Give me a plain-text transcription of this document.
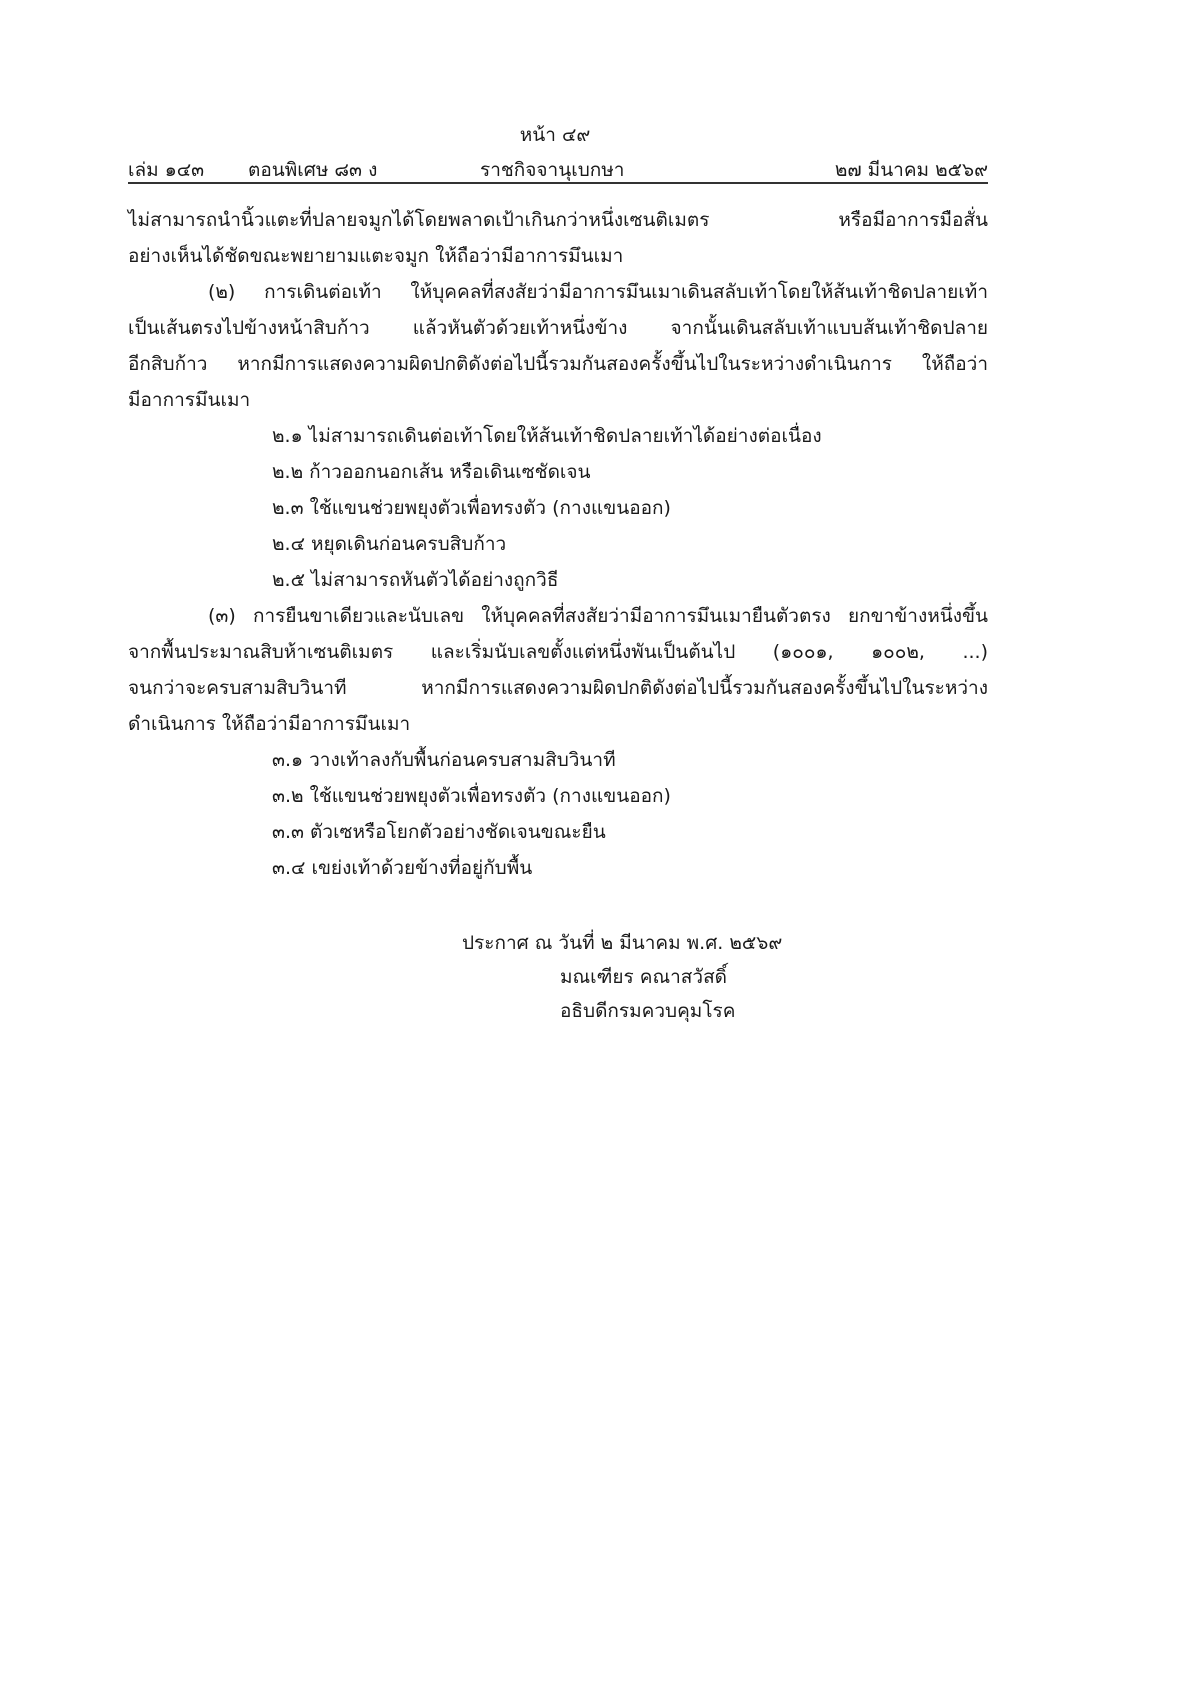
หน้า ๔๙
เล่ม ๑๔๓ ตอนพิเศษ ๘๓ ง	ราชกิจจานุเบกษา	๒๗ มีนาคม ๒๕๖๙
ไม่สามารถนำนิ้วแตะที่ปลายจมูกได้โดยพลาดเป้าเกินกว่าหนึ่งเซนติเมตร หรือมีอาการมือสั่น
อย่างเห็นได้ชัดขณะพยายามแตะจมูก ให้ถือว่ามีอาการมึนเมา
(๒) การเดินต่อเท้า ให้บุคคลที่สงสัยว่ามีอาการมึนเมาเดินสลับเท้าโดยให้ส้นเท้าชิดปลายเท้า
เป็นเส้นตรงไปข้างหน้าสิบก้าว แล้วหันตัวด้วยเท้าหนึ่งข้าง จากนั้นเดินสลับเท้าแบบส้นเท้าชิดปลาย
อีกสิบก้าว หากมีการแสดงความผิดปกติดังต่อไปนี้รวมกันสองครั้งขึ้นไปในระหว่างดำเนินการ ให้ถือว่า
มีอาการมึนเมา
๒.๑ ไม่สามารถเดินต่อเท้าโดยให้ส้นเท้าชิดปลายเท้าได้อย่างต่อเนื่อง
๒.๒ ก้าวออกนอกเส้น หรือเดินเซชัดเจน
๒.๓ ใช้แขนช่วยพยุงตัวเพื่อทรงตัว (กางแขนออก)
๒.๔ หยุดเดินก่อนครบสิบก้าว
๒.๕ ไม่สามารถหันตัวได้อย่างถูกวิธี
(๓) การยืนขาเดียวและนับเลข ให้บุคคลที่สงสัยว่ามีอาการมึนเมายืนตัวตรง ยกขาข้างหนึ่งขึ้น
จากพื้นประมาณสิบห้าเซนติเมตร และเริ่มนับเลขตั้งแต่หนึ่งพันเป็นต้นไป (๑๐๐๑, ๑๐๐๒, ...)
จนกว่าจะครบสามสิบวินาที หากมีการแสดงความผิดปกติดังต่อไปนี้รวมกันสองครั้งขึ้นไปในระหว่าง
ดำเนินการ ให้ถือว่ามีอาการมึนเมา
๓.๑ วางเท้าลงกับพื้นก่อนครบสามสิบวินาที
๓.๒ ใช้แขนช่วยพยุงตัวเพื่อทรงตัว (กางแขนออก)
๓.๓ ตัวเซหรือโยกตัวอย่างชัดเจนขณะยืน
๓.๔ เขย่งเท้าด้วยข้างที่อยู่กับพื้น
ประกาศ ณ วันที่ ๒ มีนาคม พ.ศ. ๒๕๖๙
มณเฑียร คณาสวัสดิ์
อธิบดีกรมควบคุมโรค
